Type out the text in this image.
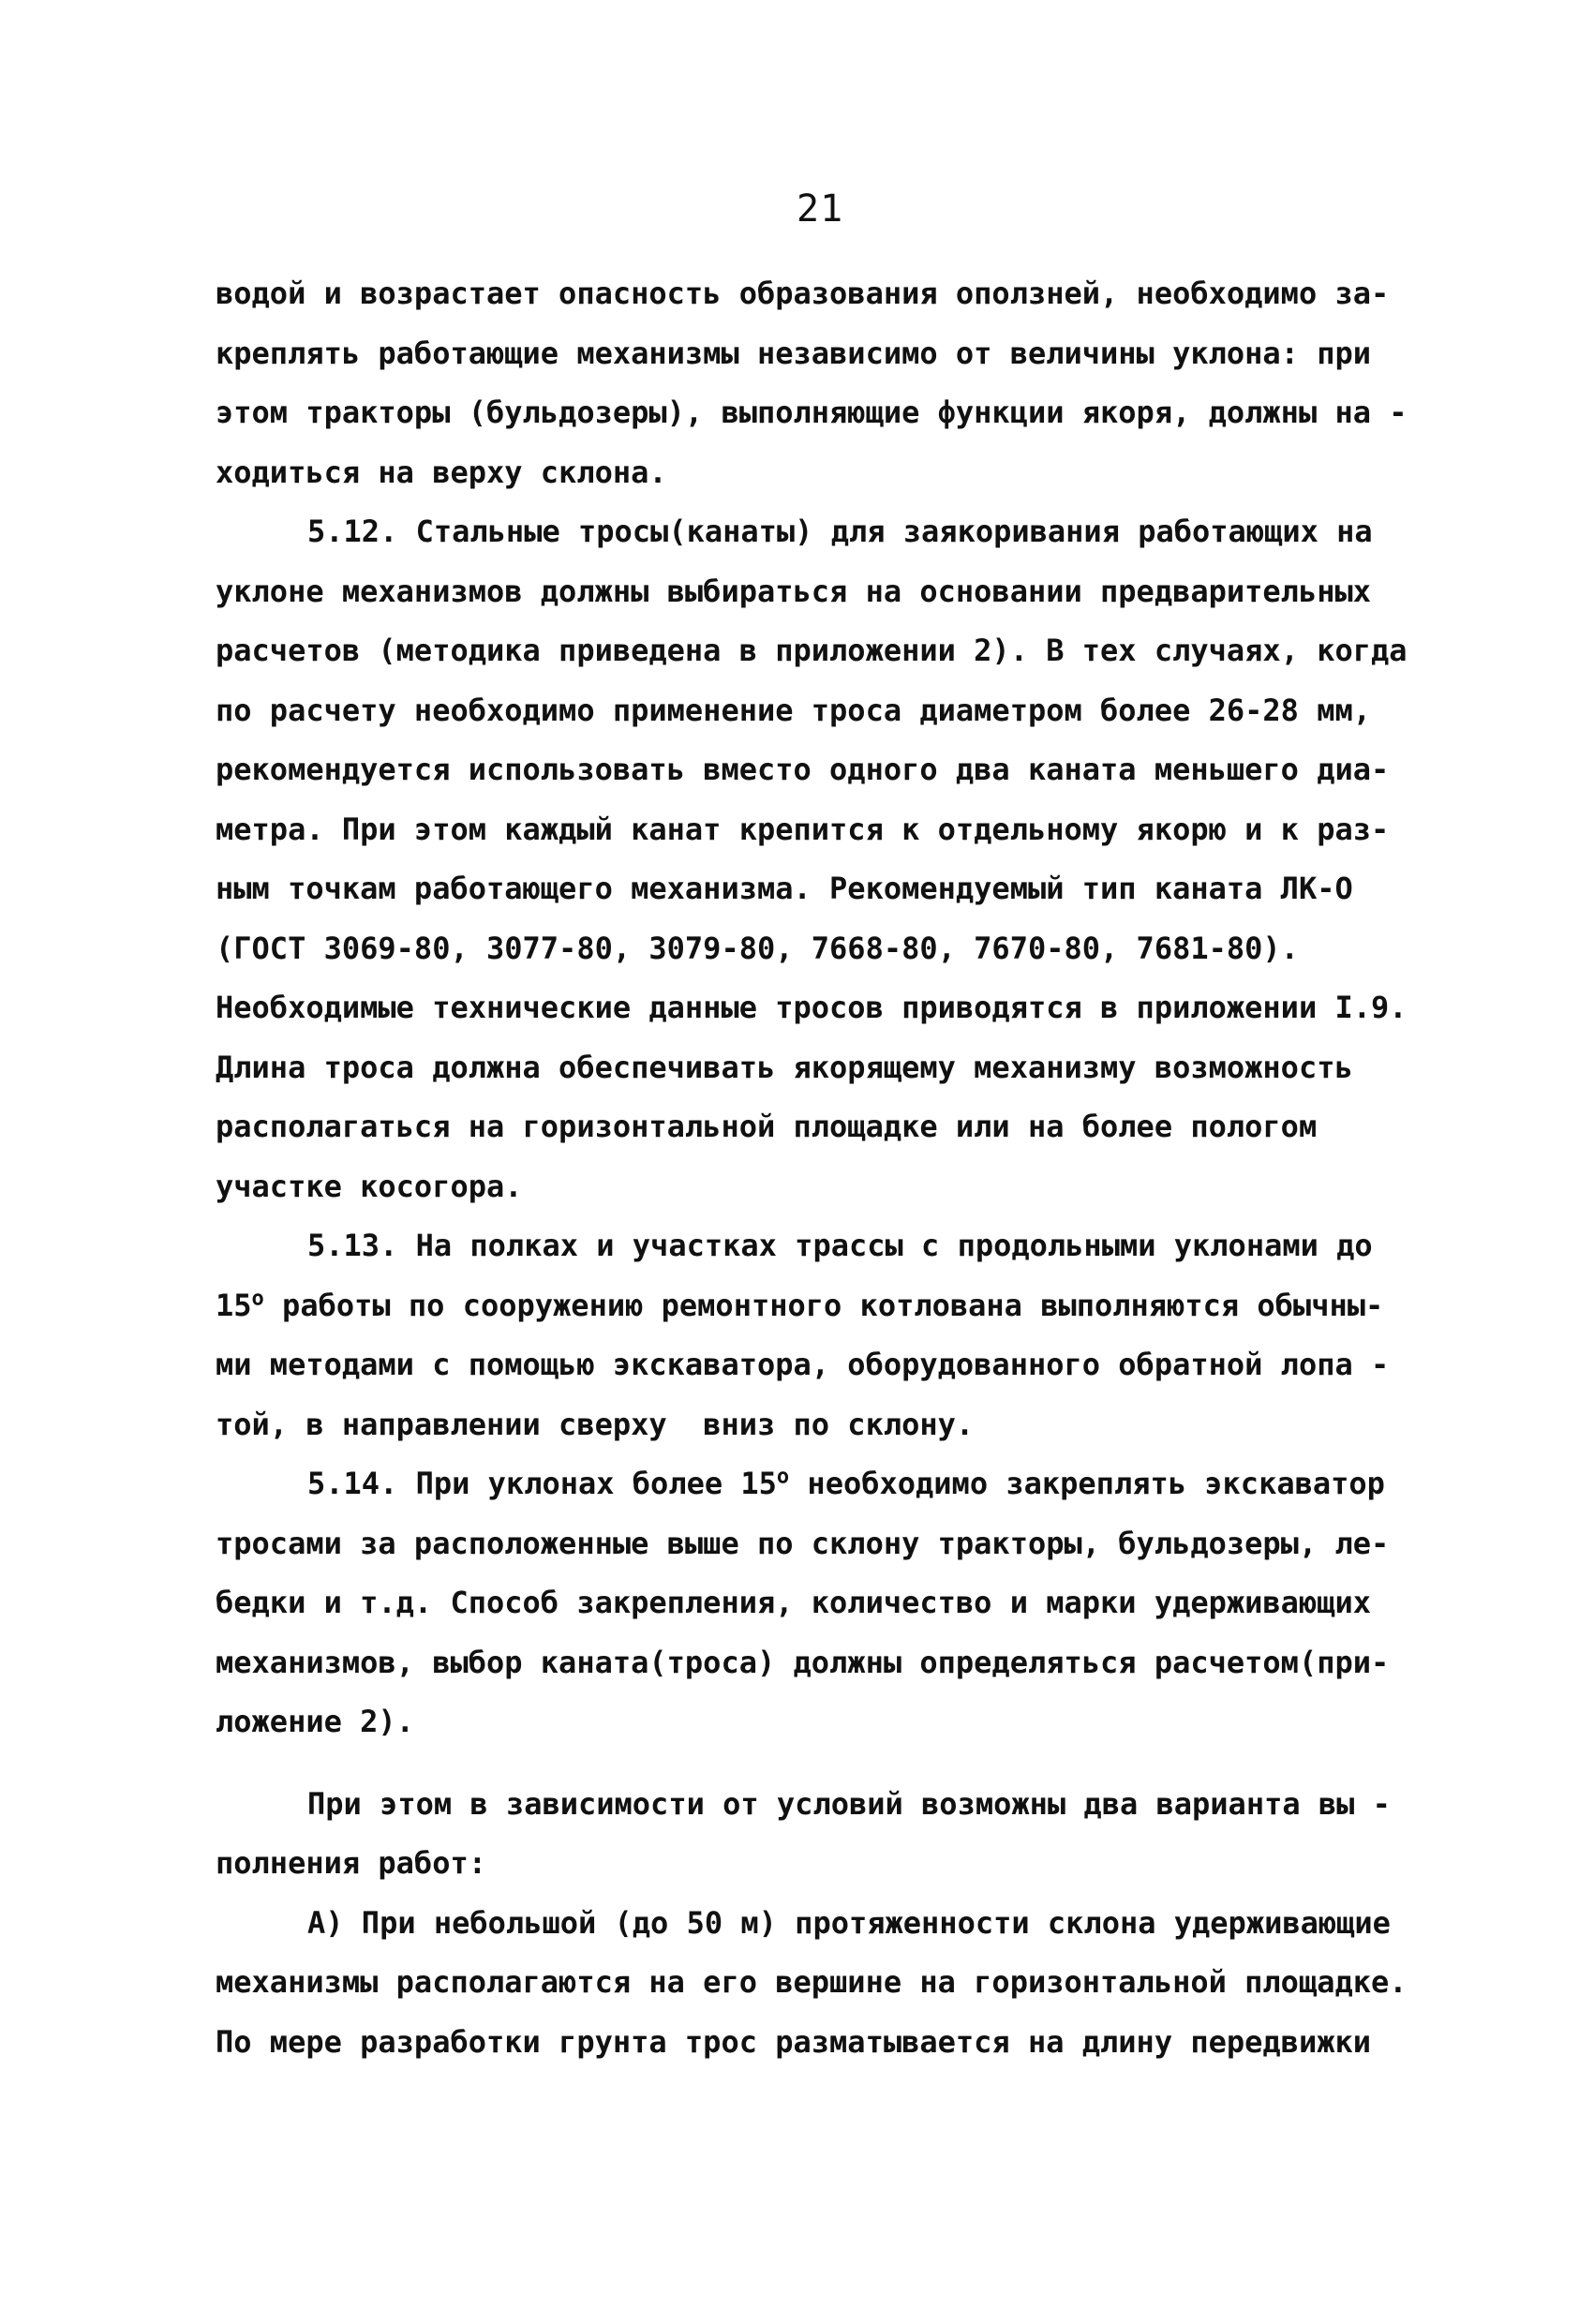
21

водой и возрастает опасность образования оползней, необходимо за-
креплять работающие механизмы независимо от величины уклона: при
этом тракторы (бульдозеры), выполняющие функции якоря, должны на -
ходиться на верху склона.

5.12. Стальные тросы(канаты) для заякоривания работающих на
уклоне механизмов должны выбираться на основании предварительных
расчетов (методика приведена в приложении 2). В тех случаях, когда
по расчету необходимо применение троса диаметром более 26-28 мм,
рекомендуется использовать вместо одного два каната меньшего диа-
метра. При этом каждый канат крепится к отдельному якорю и к раз-
ным точкам работающего механизма. Рекомендуемый тип каната ЛК-О
(ГОСТ 3069-80, 3077-80, 3079-80, 7668-80, 7670-80, 7681-80).
Необходимые технические данные тросов приводятся в приложении I.9.
Длина троса должна обеспечивать якорящему механизму возможность
располагаться на горизонтальной площадке или на более пологом
участке косогора.

5.13. На полках и участках трассы с продольными уклонами до
$15^о$ работы по сооружению ремонтного котлована выполняются обычны-
ми методами с помощью экскаватора, оборудованного обратной лопа -
той, в направлении сверху  вниз по склону.

5.14. При уклонах более $15^о$ необходимо закреплять экскаватор
тросами за расположенные выше по склону тракторы, бульдозеры, ле-
бедки и т.д. Способ закрепления, количество и марки удерживающих
механизмов, выбор каната(троса) должны определяться расчетом(при-
ложение 2).

При этом в зависимости от условий возможны два варианта вы -
полнения работ:

А) При небольшой (до 50 м) протяженности склона удерживающие
механизмы располагаются на его вершине на горизонтальной площадке.
По мере разработки грунта трос разматывается на длину передвижки
